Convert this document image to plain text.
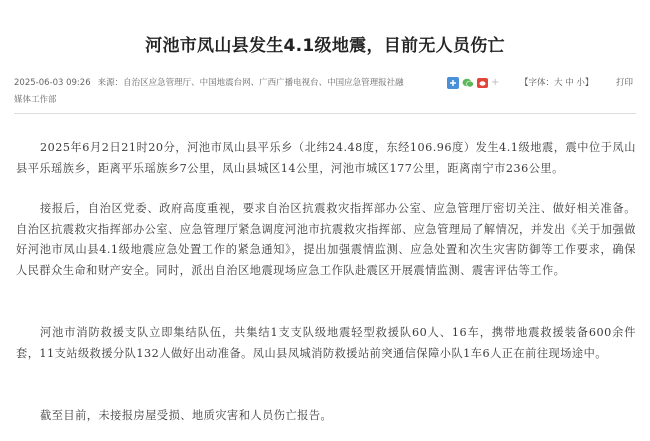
河池市凤山县发生4.1级地震，目前无人员伤亡
2025-06-03 09:26 来源：自治区应急管理厅、中国地震台网、广西广播电视台、中国应急管理报社融
媒体工作部
+ 【字体：大 中 小】	打印

2025年6月2日21时20分，河池市凤山县平乐乡（北纬24.48度，东经106.96度）发生4.1级地震，震中位于凤山县平乐瑶族乡，距离平乐瑶族乡7公里，凤山县城区14公里，河池市城区177公里，距离南宁市236公里。

接报后，自治区党委、政府高度重视，要求自治区抗震救灾指挥部办公室、应急管理厅密切关注、做好相关准备。自治区抗震救灾指挥部办公室、应急管理厅紧急调度河池市抗震救灾指挥部、应急管理局了解情况，并发出《关于加强做好河池市凤山县4.1级地震应急处置工作的紧急通知》，提出加强震情监测、应急处置和次生灾害防御等工作要求，确保人民群众生命和财产安全。同时，派出自治区地震现场应急工作队赴震区开展震情监测、震害评估等工作。

河池市消防救援支队立即集结队伍，共集结1支支队级地震轻型救援队60人、16车，携带地震救援装备600余件套，11支站级救援分队132人做好出动准备。凤山县凤城消防救援站前突通信保障小队1车6人正在前往现场途中。

截至目前，未接报房屋受损、地质灾害和人员伤亡报告。
